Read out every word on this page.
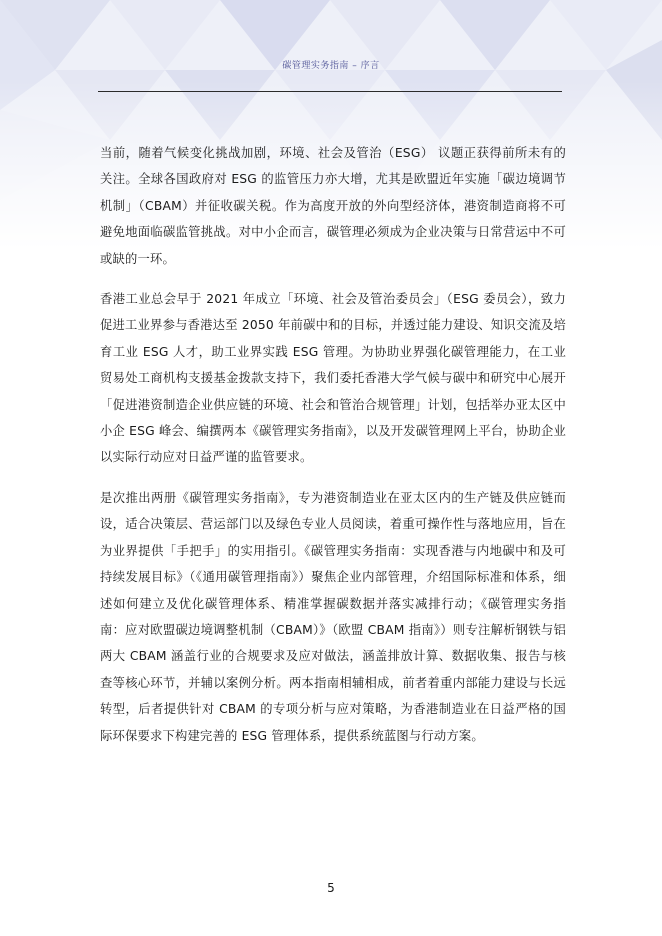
碳管理实务指南 – 序言

当前，随着气候变化挑战加剧，环境、社会及管治（ESG） 议题正获得前所未有的关注。全球各国政府对 ESG 的监管压力亦大增，尤其是欧盟近年实施「碳边境调节机制」（CBAM）并征收碳关税。作为高度开放的外向型经济体，港资制造商将不可避免地面临碳监管挑战。对中小企而言，碳管理必须成为企业决策与日常营运中不可或缺的一环。

香港工业总会早于 2021 年成立「环境、社会及管治委员会」（ESG 委员会），致力促进工业界参与香港达至 2050 年前碳中和的目标，并透过能力建设、知识交流及培育工业 ESG 人才，助工业界实践 ESG 管理。为协助业界强化碳管理能力，在工业贸易处工商机构支援基金拨款支持下，我们委托香港大学气候与碳中和研究中心展开「促进港资制造企业供应链的环境、社会和管治合规管理」计划，包括举办亚太区中小企 ESG 峰会、编撰两本《碳管理实务指南》，以及开发碳管理网上平台，协助企业以实际行动应对日益严谨的监管要求。

是次推出两册《碳管理实务指南》，专为港资制造业在亚太区内的生产链及供应链而设，适合决策层、营运部门以及绿色专业人员阅读，着重可操作性与落地应用，旨在为业界提供「手把手」的实用指引。《碳管理实务指南：实现香港与内地碳中和及可持续发展目标》（《通用碳管理指南》）聚焦企业内部管理，介绍国际标准和体系，细述如何建立及优化碳管理体系、精准掌握碳数据并落实减排行动；《碳管理实务指南：应对欧盟碳边境调整机制（CBAM）》（欧盟 CBAM 指南》）则专注解析钢铁与铝两大 CBAM 涵盖行业的合规要求及应对做法，涵盖排放计算、数据收集、报告与核查等核心环节，并辅以案例分析。两本指南相辅相成，前者着重内部能力建设与长远转型，后者提供针对 CBAM 的专项分析与应对策略，为香港制造业在日益严格的国际环保要求下构建完善的 ESG 管理体系，提供系统蓝图与行动方案。

5
